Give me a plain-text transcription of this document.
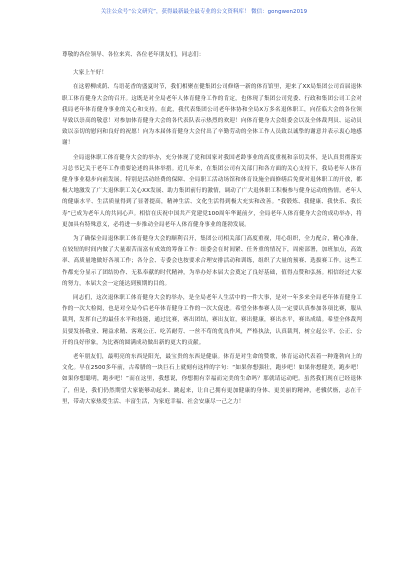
关注公众号“公文研究”，获得最新最全最专业的公文资料库！ 微信：gongwen2019

尊敬的各位领导、各位来宾、各位老年朋友们，同志们：

大家上午好！

在这碧柳成荫、鸟语花香的盛夏时节，我们相聚在健集团公司修缮一新的体育馆里，迎来了XX局集团公司首届退休职工体育健身大会的召开。这既是对全局老年人体育健身工作的肯定，也体现了集团公司党委、行政和集团公司工会对我局老年体育健身事业的关心和支持。在此，我代表集团公司老年体协和全局X万多名退休职工，向莅临大会的各位领导致以崇高的敬意！对参加体育健身大会的各代表队表示热烈的欢迎！向体育健身大会组委会以及全体裁判员、运动员致以亲切的慰问和良好的祝愿！向为本届体育健身大会付出了辛勤劳动的全体工作人员致以诚挚的谢意并表示衷心地感谢！

全局退休职工体育健身大会的举办，充分体现了党和国家对我国老龄事业的高度重视和亲切关怀，是认真贯彻落实习总书记关于老年工作重要论述的具体举措。近几年来，在集团公司有关部门和各方面的关心支持下，我局老年人体育健身事业稳步向前发展。特别是活动经费的保障、全局职工活动场馆和体育设施全面修缮后免费对退休职工的开放，都极大地激发了广大退休职工关心XX发展、助力集团前行的激情，调动了广大退休职工积极参与健身运动的热情。老年人的健康水平、生活质量得到了显著提高，精神生活、文化生活得到极大充实和改善。“我锻炼、我健康、我快乐、我长寿”已成为老年人的共同心声。相信在庆祝中国共产党建党100周年华诞前夕，全局老年人体育健身大会的成功举办，将更加具有特殊意义，必将进一步推动全局老年人体育健身事业的蓬勃发展。

为了确保全局退休职工体育健身大会的顺利召开，集团公司相关部门高度重视，用心组织，全力配合，精心准备，在较短的时间内做了大量艰苦而富有成效的筹备工作：组委会在时间紧、任务重的情况下，周密部署，加班加点，高效率、高质量地做好各项工作；各分会、专委会也按要求合理安排活动和训练，组织了大量的预赛、选拔赛工作。这些工作都充分显示了团结协作、无私奉献的时代精神，为举办好本届大会奠定了良好基础，值得点赞和弘扬。相信经过大家的努力，本届大会一定能达到预期的目的。

同志们，这次退休职工体育健身大会的举办，是全局老年人生活中的一件大事，是对一年多来全局老年体育健身工作的一次大检阅，也是对全局今后老年体育健身工作的一次大促进。希望全体参赛人员一定要认真参加各项比赛，服从裁判，发挥自己的最佳水平和技能，通过比赛，赛出团结，赛出友谊，赛出健康，赛出水平，赛出成绩。希望全体裁判员要发扬敬业、精益求精、客观公正、吃苦耐劳、一丝不苟的优良作风，严格执法，认真裁判，树立起公平、公正、公开的良好形象，为比赛的圆满成功做出新的更大的贡献。

老年朋友们，最明亮的东西是阳光，最宝贵的东西是健康。体育是对生命的赞歌，体育运动代表着一种蓬勃向上的文化。早在2500多年前，古希腊的一块巨石上就刻有这样的字句：“如果你想强壮，跑步吧！如果你想健美，跑步吧！如果你想聪明，跑步吧！”而在这里，我想说，你想拥有幸福而完美的生命吗？那就请运动吧。虽然我们现在已经退休了，但是，我们仍然期望大家能够动起来、跳起来，让自己拥有更加健康的身体、更美丽的精神，老骥伏枥，志在千里，带动大家热爱生活、丰富生活，为家庭幸福、社会安康尽一己之力！
